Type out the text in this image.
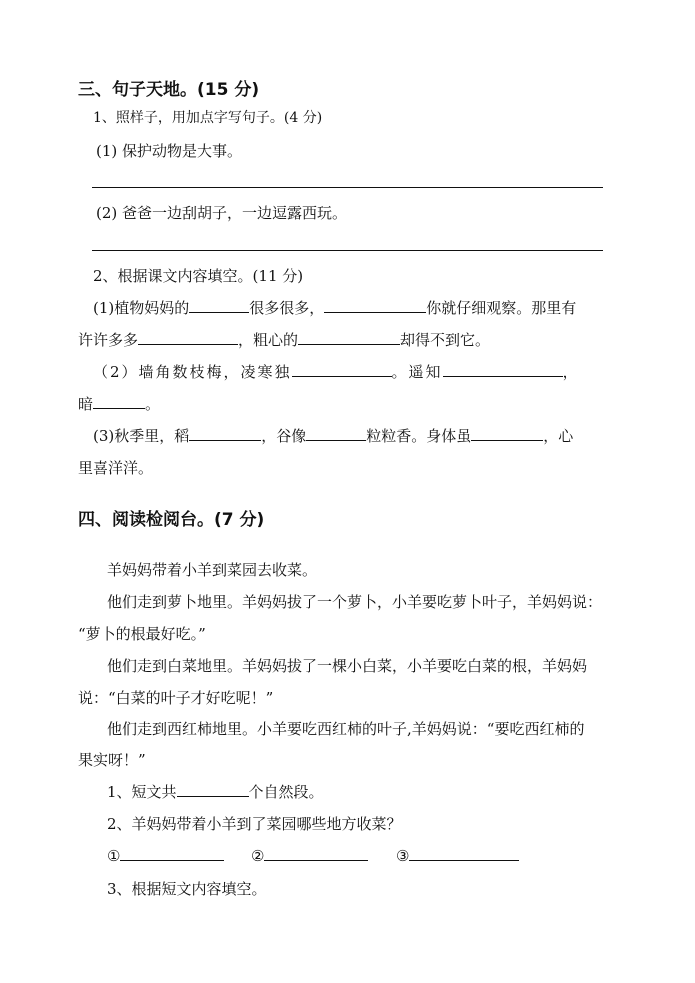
三、句子天地。(15 分)
1、照样子，用加点字写句子。(4 分)
(1) 保护动物是大事。
(2) 爸爸一边刮胡子，一边逗露西玩。
2、根据课文内容填空。(11 分)
(1)植物妈妈的	很多很多，	你就仔细观察。那里有
许许多多	，粗心的	却得不到它。
（2）墙角数枝梅，凌寒独	。遥知	，
暗	。
(3)秋季里，稻	，谷像	粒粒香。身体虽	，心
里喜洋洋。
四、阅读检阅台。(7 分)
羊妈妈带着小羊到菜园去收菜。
他们走到萝卜地里。羊妈妈拔了一个萝卜，小羊要吃萝卜叶子，羊妈妈说：
“萝卜的根最好吃。”
他们走到白菜地里。羊妈妈拔了一棵小白菜，小羊要吃白菜的根，羊妈妈
说：“白菜的叶子才好吃呢！”
他们走到西红柿地里。小羊要吃西红柿的叶子,羊妈妈说：“要吃西红柿的
果实呀！”
1、短文共	个自然段。
2、羊妈妈带着小羊到了菜园哪些地方收菜？
①	②	③
3、根据短文内容填空。
